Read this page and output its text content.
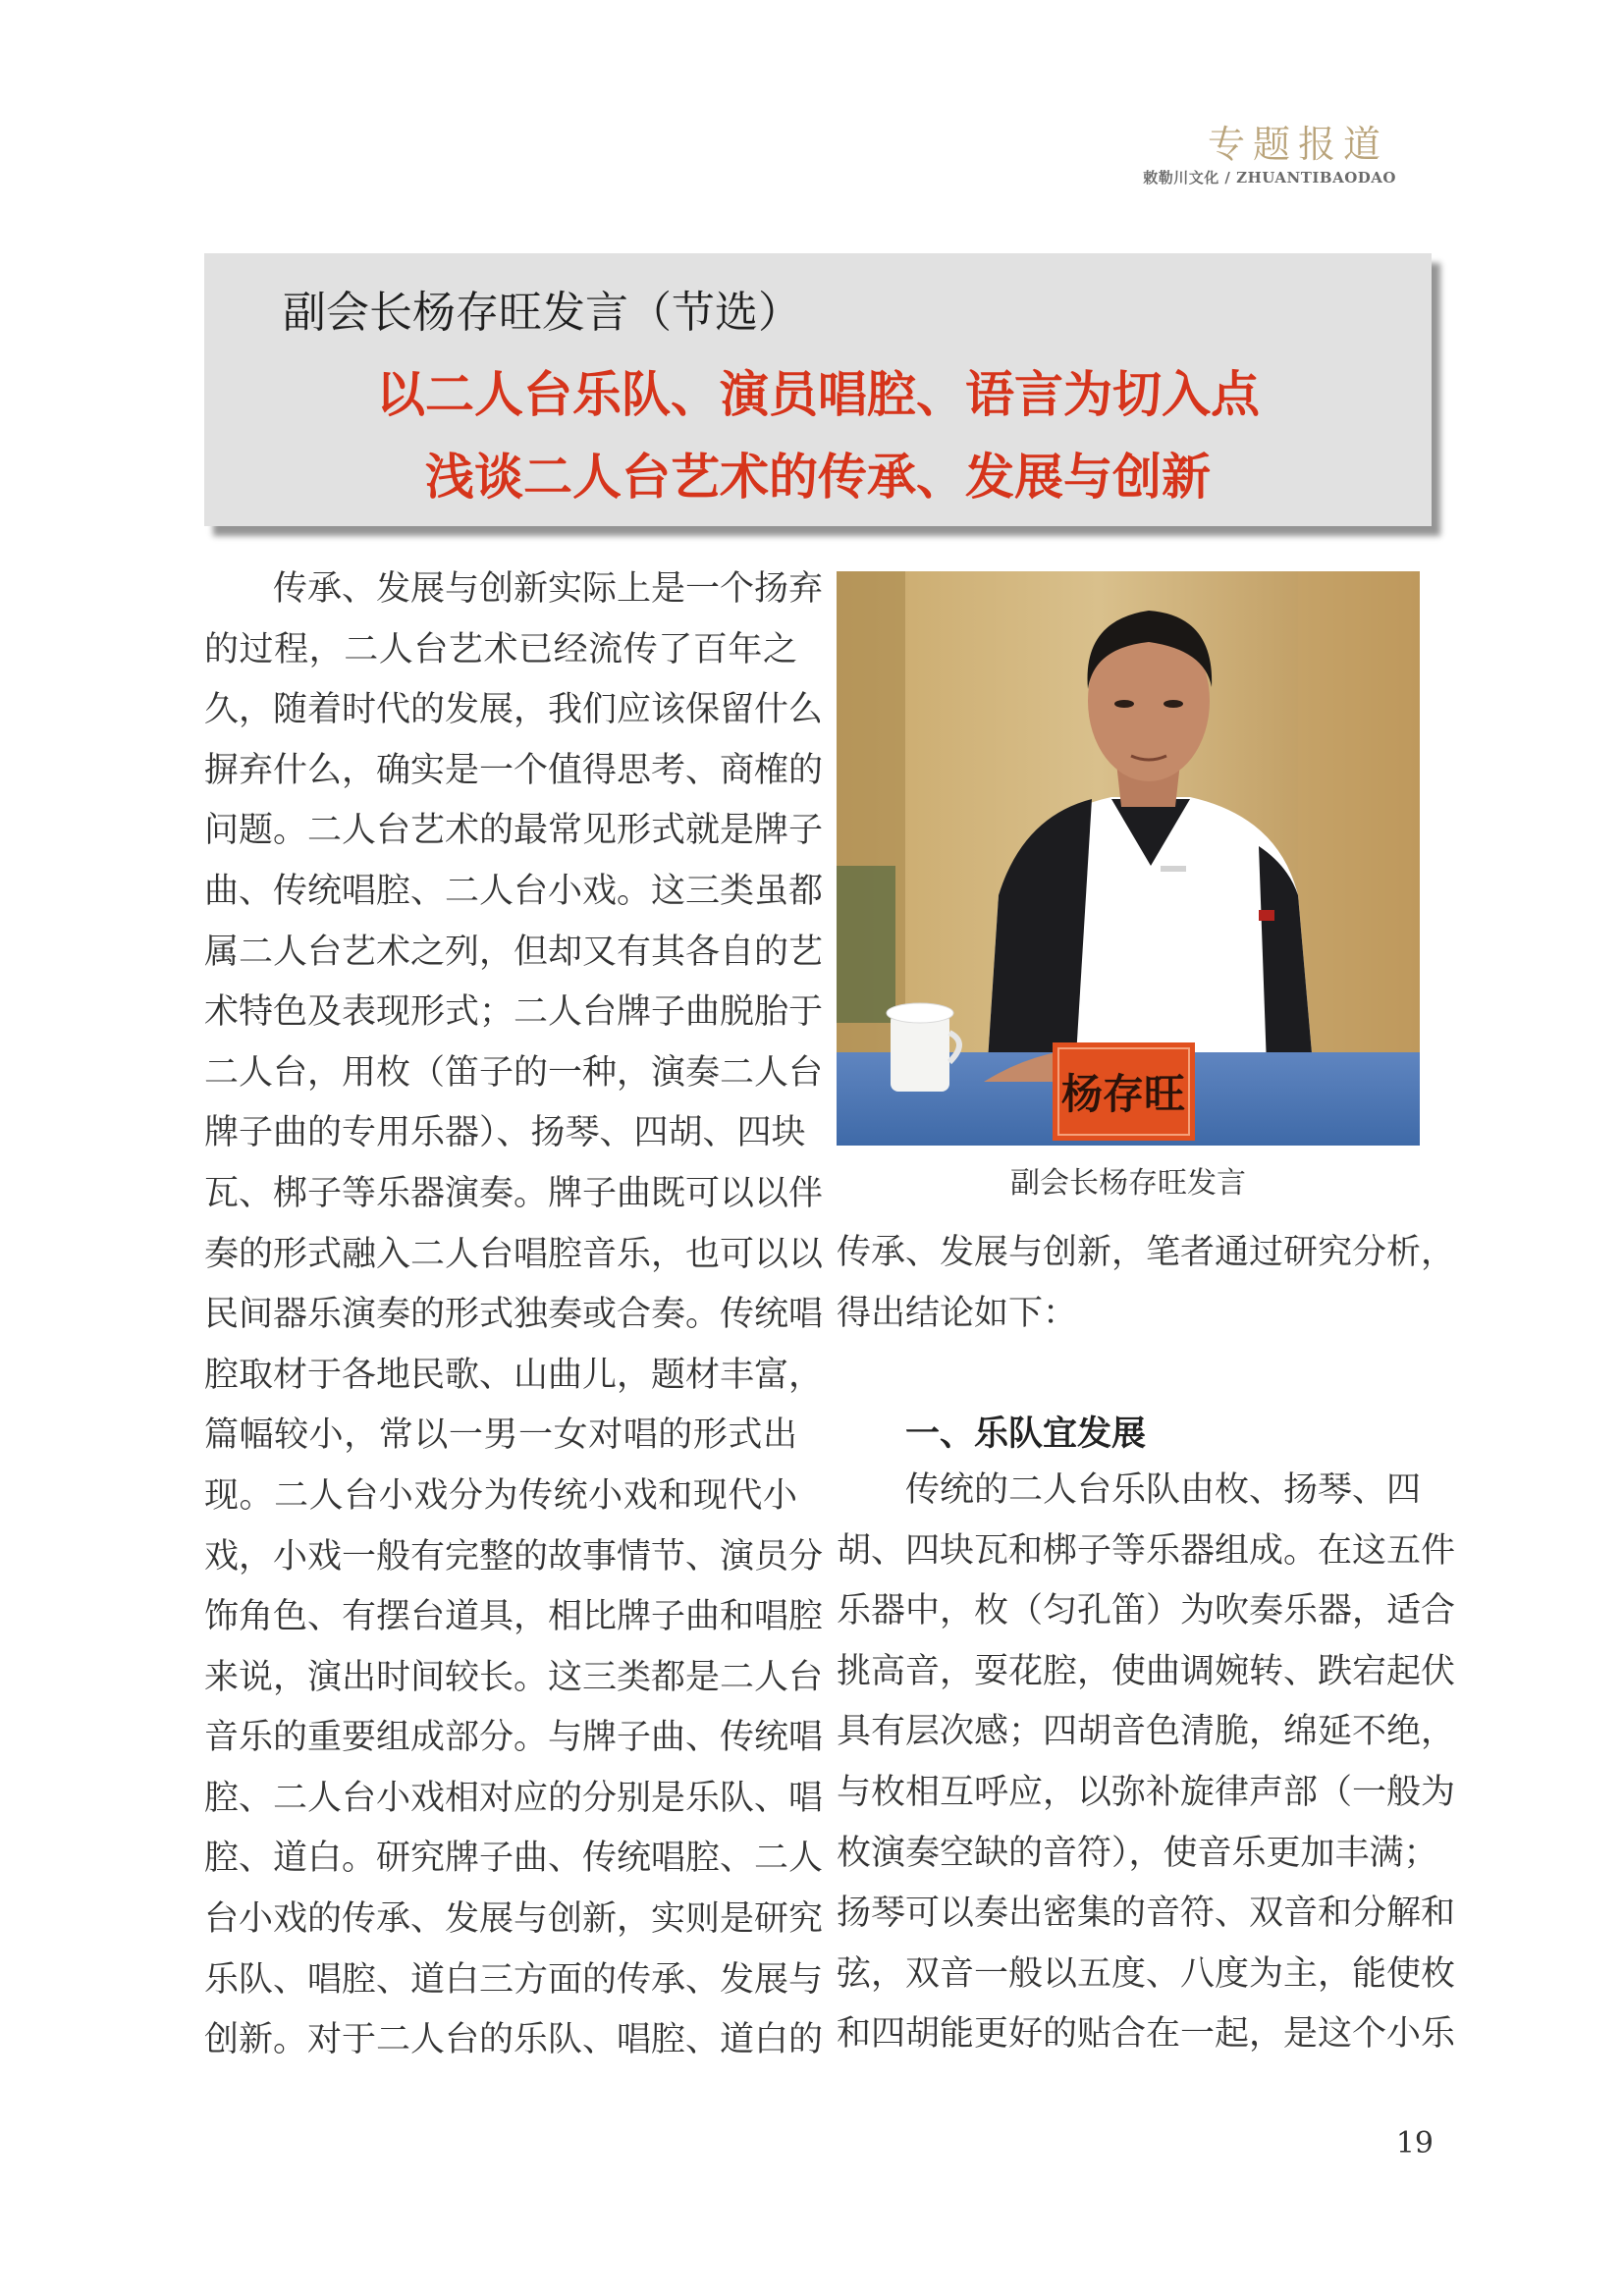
专题报道
敕勒川文化 / ZHUANTIBAODAO
副会长杨存旺发言（节选）
以二人台乐队、演员唱腔、语言为切入点
浅谈二人台艺术的传承、发展与创新
传承、发展与创新实际上是一个扬弃
的过程，二人台艺术已经流传了百年之
久，随着时代的发展，我们应该保留什么
摒弃什么，确实是一个值得思考、商榷的
问题。二人台艺术的最常见形式就是牌子
曲、传统唱腔、二人台小戏。这三类虽都
属二人台艺术之列，但却又有其各自的艺
术特色及表现形式；二人台牌子曲脱胎于
二人台，用枚（笛子的一种，演奏二人台
牌子曲的专用乐器）、扬琴、四胡、四块
瓦、梆子等乐器演奏。牌子曲既可以以伴
奏的形式融入二人台唱腔音乐，也可以以
民间器乐演奏的形式独奏或合奏。传统唱
腔取材于各地民歌、山曲儿，题材丰富，
篇幅较小，常以一男一女对唱的形式出
现。二人台小戏分为传统小戏和现代小
戏，小戏一般有完整的故事情节、演员分
饰角色、有摆台道具，相比牌子曲和唱腔
来说，演出时间较长。这三类都是二人台
音乐的重要组成部分。与牌子曲、传统唱
腔、二人台小戏相对应的分别是乐队、唱
腔、道白。研究牌子曲、传统唱腔、二人
台小戏的传承、发展与创新，实则是研究
乐队、唱腔、道白三方面的传承、发展与
创新。对于二人台的乐队、唱腔、道白的
杨存旺
副会长杨存旺发言
传承、发展与创新，笔者通过研究分析，
得出结论如下：
一、乐队宜发展
传统的二人台乐队由枚、扬琴、四
胡、四块瓦和梆子等乐器组成。在这五件
乐器中，枚（匀孔笛）为吹奏乐器，适合
挑高音，耍花腔，使曲调婉转、跌宕起伏
具有层次感；四胡音色清脆，绵延不绝，
与枚相互呼应，以弥补旋律声部（一般为
枚演奏空缺的音符），使音乐更加丰满；
扬琴可以奏出密集的音符、双音和分解和
弦，双音一般以五度、八度为主，能使枚
和四胡能更好的贴合在一起，是这个小乐
19
